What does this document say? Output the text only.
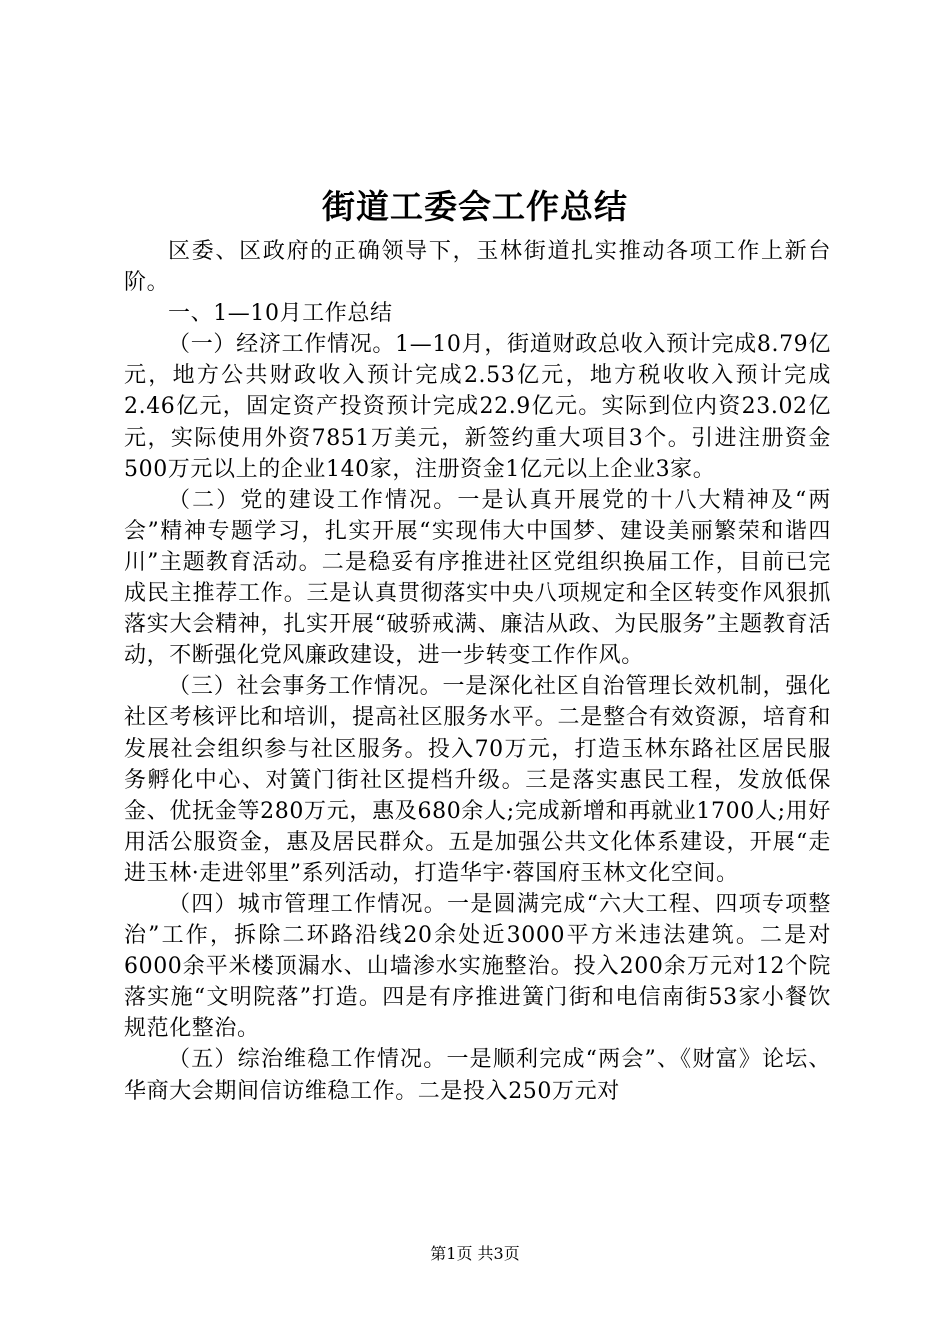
街道工委会工作总结

区委、区政府的正确领导下，玉林街道扎实推动各项工作上新台阶。

一、1—10月工作总结

（一）经济工作情况。1—10月，街道财政总收入预计完成8.79亿元，地方公共财政收入预计完成2.53亿元，地方税收收入预计完成2.46亿元，固定资产投资预计完成22.9亿元。实际到位内资23.02亿元，实际使用外资7851万美元，新签约重大项目3个。引进注册资金500万元以上的企业140家，注册资金1亿元以上企业3家。

（二）党的建设工作情况。一是认真开展党的十八大精神及“两会”精神专题学习，扎实开展“实现伟大中国梦、建设美丽繁荣和谐四川”主题教育活动。二是稳妥有序推进社区党组织换届工作，目前已完成民主推荐工作。三是认真贯彻落实中央八项规定和全区转变作风狠抓落实大会精神，扎实开展“破骄戒满、廉洁从政、为民服务”主题教育活动，不断强化党风廉政建设，进一步转变工作作风。

（三）社会事务工作情况。一是深化社区自治管理长效机制，强化社区考核评比和培训，提高社区服务水平。二是整合有效资源，培育和发展社会组织参与社区服务。投入70万元，打造玉林东路社区居民服务孵化中心、对簧门街社区提档升级。三是落实惠民工程，发放低保金、优抚金等280万元，惠及680余人;完成新增和再就业1700人;用好用活公服资金，惠及居民群众。五是加强公共文化体系建设，开展“走进玉林·走进邻里”系列活动，打造华宇·蓉国府玉林文化空间。

（四）城市管理工作情况。一是圆满完成“六大工程、四项专项整治”工作，拆除二环路沿线20余处近3000平方米违法建筑。二是对6000余平米楼顶漏水、山墙渗水实施整治。投入200余万元对12个院落实施“文明院落”打造。四是有序推进簧门街和电信南街53家小餐饮规范化整治。

（五）综治维稳工作情况。一是顺利完成“两会”、《财富》论坛、华商大会期间信访维稳工作。二是投入250万元对

第1页 共3页
